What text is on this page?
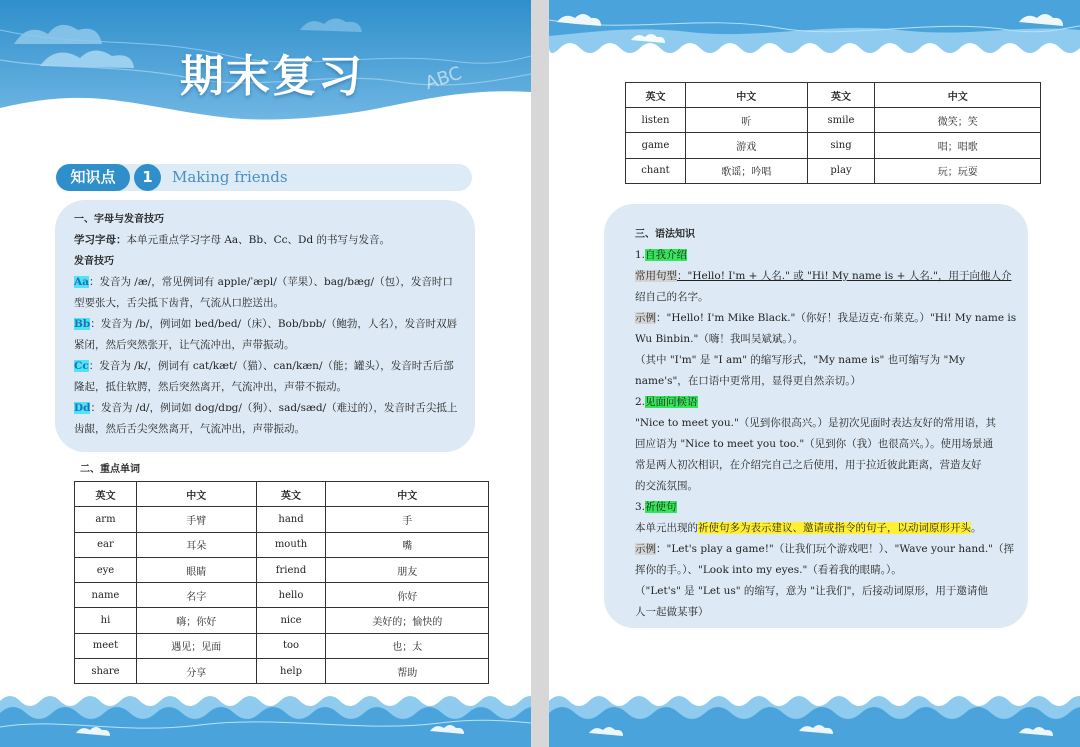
期末复习	ABC
知识点	1	Making friends
一、字母与发音技巧
学习字母：本单元重点学习字母 Aa、Bb、Cc、Dd 的书写与发音。
发音技巧
Aa：发音为 /æ/，常见例词有 apple/ˈæpl/（苹果）、bag/bæg/（包），发音时口
型要张大，舌尖抵下齿背，气流从口腔送出。
Bb：发音为 /b/，例词如 bed/bed/（床）、Bob/bɒb/（鲍勃，人名），发音时双唇
紧闭，然后突然张开，让气流冲出，声带振动。
Cc：发音为 /k/，例词有 cat/kæt/（猫）、can/kæn/（能；罐头），发音时舌后部
隆起，抵住软腭，然后突然离开，气流冲出，声带不振动。
Dd：发音为 /d/，例词如 dog/dɒg/（狗）、sad/sæd/（难过的），发音时舌尖抵上
齿龈，然后舌尖突然离开，气流冲出，声带振动。
二、重点单词
英文	中文	英文	中文
arm	手臂	hand	手
ear	耳朵	mouth	嘴
eye	眼睛	friend	朋友
name	名字	hello	你好
hi	嗨；你好	nice	美好的；愉快的
meet	遇见；见面	too	也；太
share	分享	help	帮助
英文	中文	英文	中文
listen	听	smile	微笑；笑
game	游戏	sing	唱；唱歌
chant	歌谣；吟唱	play	玩；玩耍
三、语法知识
1.自我介绍
常用句型："Hello! I'm + 人名." 或 "Hi! My name is + 人名."，用于向他人介
绍自己的名字。
示例："Hello! I'm Mike Black."（你好！我是迈克·布莱克。）"Hi! My name is
Wu Binbin."（嗨！我叫吴斌斌。）。
（其中 "I'm" 是 "I am" 的缩写形式，"My name is" 也可缩写为 "My
name's"，在口语中更常用，显得更自然亲切。）
2.见面问候语
"Nice to meet you."（见到你很高兴。）是初次见面时表达友好的常用语，其
回应语为 "Nice to meet you too."（见到你（我）也很高兴。）。使用场景通
常是两人初次相识，在介绍完自己之后使用，用于拉近彼此距离，营造友好
的交流氛围。
3.祈使句
本单元出现的祈使句多为表示建议、邀请或指令的句子，以动词原形开头。
示例："Let's play a game!"（让我们玩个游戏吧！）、"Wave your hand."（挥
挥你的手。）、"Look into my eyes."（看着我的眼睛。）。
（"Let's" 是 "Let us" 的缩写，意为 "让我们"，后接动词原形，用于邀请他
人一起做某事）
